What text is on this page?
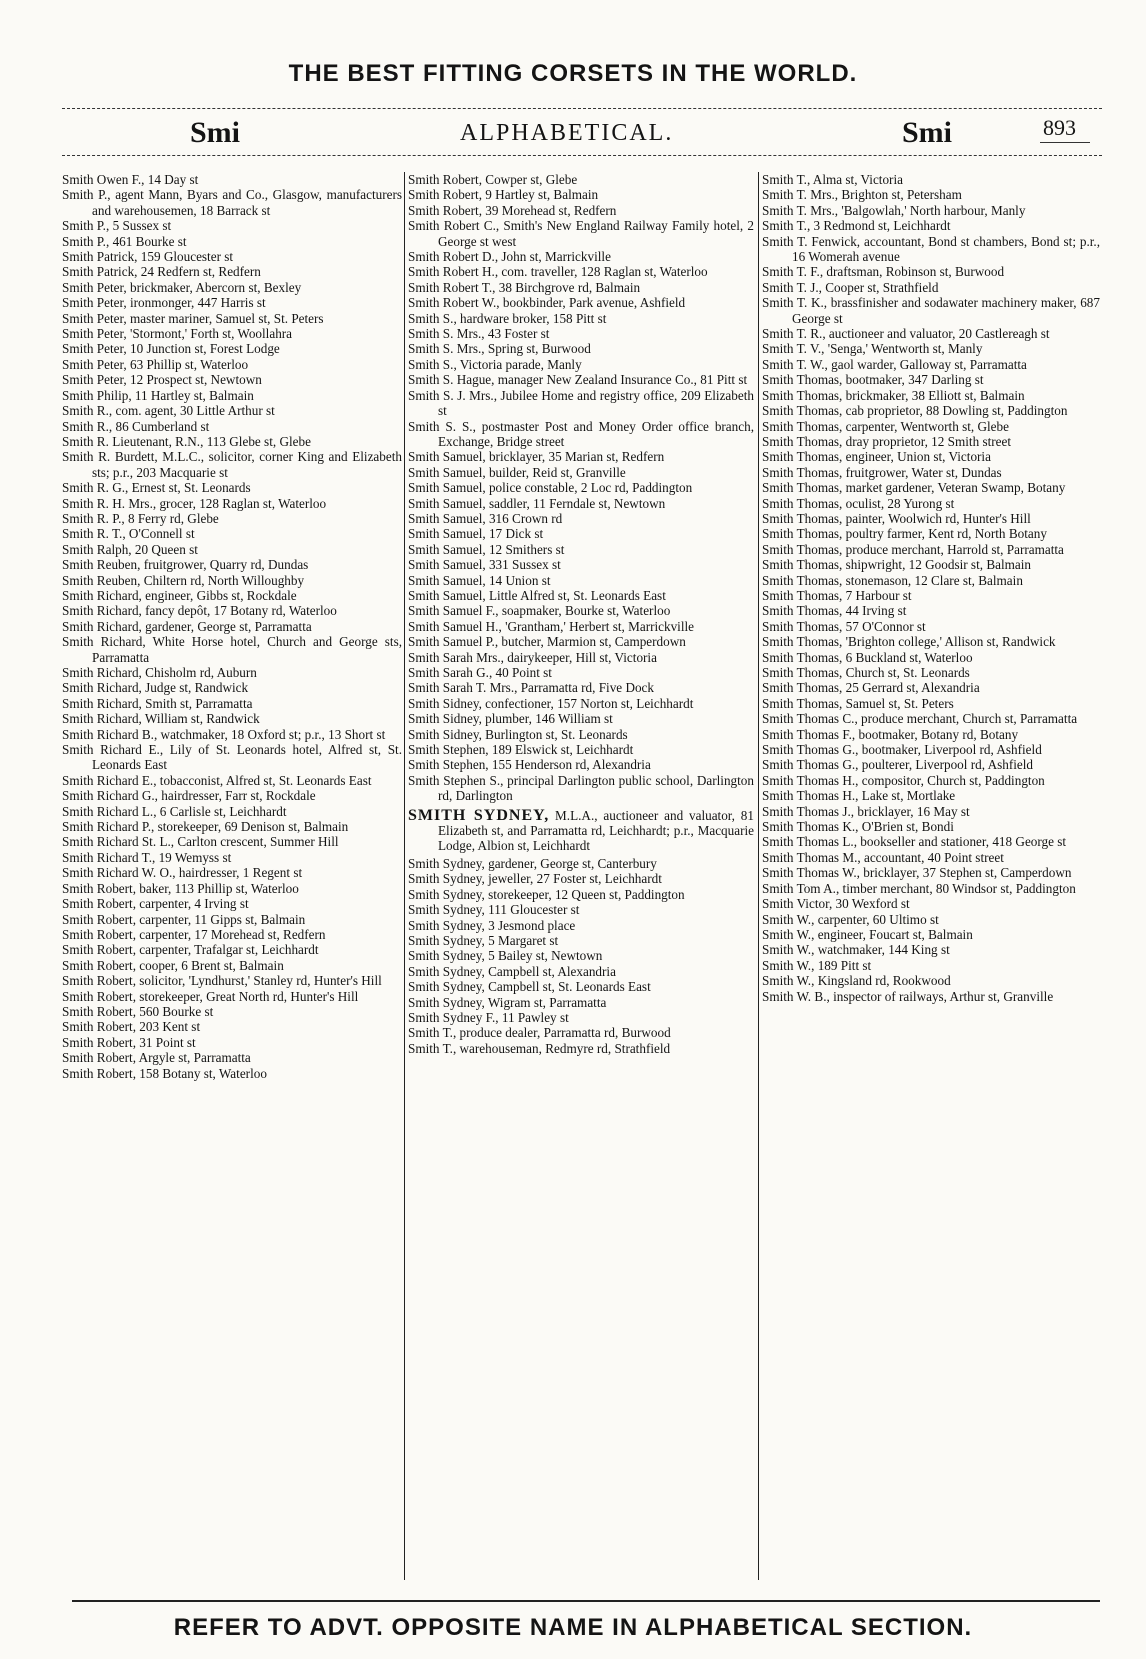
THE BEST FITTING CORSETS IN THE WORLD.
Smi	ALPHABETICAL.	Smi	893

Smith Owen F., 14 Day st

Smith P., agent Mann, Byars and Co., Glasgow, manufacturers and warehousemen, 18 Barrack st

Smith P., 5 Sussex st

Smith P., 461 Bourke st

Smith Patrick, 159 Gloucester st

Smith Patrick, 24 Redfern st, Redfern

Smith Peter, brickmaker, Abercorn st, Bexley

Smith Peter, ironmonger, 447 Harris st

Smith Peter, master mariner, Samuel st, St. Peters

Smith Peter, 'Stormont,' Forth st, Woollahra

Smith Peter, 10 Junction st, Forest Lodge

Smith Peter, 63 Phillip st, Waterloo

Smith Peter, 12 Prospect st, Newtown

Smith Philip, 11 Hartley st, Balmain

Smith R., com. agent, 30 Little Arthur st

Smith R., 86 Cumberland st

Smith R. Lieutenant, R.N., 113 Glebe st, Glebe

Smith R. Burdett, M.L.C., solicitor, corner King and Elizabeth sts; p.r., 203 Macquarie st

Smith R. G., Ernest st, St. Leonards

Smith R. H. Mrs., grocer, 128 Raglan st, Waterloo

Smith R. P., 8 Ferry rd, Glebe

Smith R. T., O'Connell st

Smith Ralph, 20 Queen st

Smith Reuben, fruitgrower, Quarry rd, Dundas

Smith Reuben, Chiltern rd, North Willoughby

Smith Richard, engineer, Gibbs st, Rockdale

Smith Richard, fancy depôt, 17 Botany rd, Waterloo

Smith Richard, gardener, George st, Parramatta

Smith Richard, White Horse hotel, Church and George sts, Parramatta

Smith Richard, Chisholm rd, Auburn

Smith Richard, Judge st, Randwick

Smith Richard, Smith st, Parramatta

Smith Richard, William st, Randwick

Smith Richard B., watchmaker, 18 Oxford st; p.r., 13 Short st

Smith Richard E., Lily of St. Leonards hotel, Alfred st, St. Leonards East

Smith Richard E., tobacconist, Alfred st, St. Leonards East

Smith Richard G., hairdresser, Farr st, Rockdale

Smith Richard L., 6 Carlisle st, Leichhardt

Smith Richard P., storekeeper, 69 Denison st, Balmain

Smith Richard St. L., Carlton crescent, Summer Hill

Smith Richard T., 19 Wemyss st

Smith Richard W. O., hairdresser, 1 Regent st

Smith Robert, baker, 113 Phillip st, Waterloo

Smith Robert, carpenter, 4 Irving st

Smith Robert, carpenter, 11 Gipps st, Balmain

Smith Robert, carpenter, 17 Morehead st, Redfern

Smith Robert, carpenter, Trafalgar st, Leichhardt

Smith Robert, cooper, 6 Brent st, Balmain

Smith Robert, solicitor, 'Lyndhurst,' Stanley rd, Hunter's Hill

Smith Robert, storekeeper, Great North rd, Hunter's Hill

Smith Robert, 560 Bourke st

Smith Robert, 203 Kent st

Smith Robert, 31 Point st

Smith Robert, Argyle st, Parramatta

Smith Robert, 158 Botany st, Waterloo

Smith Robert, Cowper st, Glebe

Smith Robert, 9 Hartley st, Balmain

Smith Robert, 39 Morehead st, Redfern

Smith Robert C., Smith's New England Railway Family hotel, 2 George st west

Smith Robert D., John st, Marrickville

Smith Robert H., com. traveller, 128 Raglan st, Waterloo

Smith Robert T., 38 Birchgrove rd, Balmain

Smith Robert W., bookbinder, Park avenue, Ashfield

Smith S., hardware broker, 158 Pitt st

Smith S. Mrs., 43 Foster st

Smith S. Mrs., Spring st, Burwood

Smith S., Victoria parade, Manly

Smith S. Hague, manager New Zealand Insurance Co., 81 Pitt st

Smith S. J. Mrs., Jubilee Home and registry office, 209 Elizabeth st

Smith S. S., postmaster Post and Money Order office branch, Exchange, Bridge street

Smith Samuel, bricklayer, 35 Marian st, Redfern

Smith Samuel, builder, Reid st, Granville

Smith Samuel, police constable, 2 Loc rd, Paddington

Smith Samuel, saddler, 11 Ferndale st, Newtown

Smith Samuel, 316 Crown rd

Smith Samuel, 17 Dick st

Smith Samuel, 12 Smithers st

Smith Samuel, 331 Sussex st

Smith Samuel, 14 Union st

Smith Samuel, Little Alfred st, St. Leonards East

Smith Samuel F., soapmaker, Bourke st, Waterloo

Smith Samuel H., 'Grantham,' Herbert st, Marrickville

Smith Samuel P., butcher, Marmion st, Camperdown

Smith Sarah Mrs., dairykeeper, Hill st, Victoria

Smith Sarah G., 40 Point st

Smith Sarah T. Mrs., Parramatta rd, Five Dock

Smith Sidney, confectioner, 157 Norton st, Leichhardt

Smith Sidney, plumber, 146 William st

Smith Sidney, Burlington st, St. Leonards

Smith Stephen, 189 Elswick st, Leichhardt

Smith Stephen, 155 Henderson rd, Alexandria

Smith Stephen S., principal Darlington public school, Darlington rd, Darlington

SMITH SYDNEY, M.L.A., auctioneer and valuator, 81 Elizabeth st, and Parramatta rd, Leichhardt; p.r., Macquarie Lodge, Albion st, Leichhardt

Smith Sydney, gardener, George st, Canterbury

Smith Sydney, jeweller, 27 Foster st, Leichhardt

Smith Sydney, storekeeper, 12 Queen st, Paddington

Smith Sydney, 111 Gloucester st

Smith Sydney, 3 Jesmond place

Smith Sydney, 5 Margaret st

Smith Sydney, 5 Bailey st, Newtown

Smith Sydney, Campbell st, Alexandria

Smith Sydney, Campbell st, St. Leonards East

Smith Sydney, Wigram st, Parramatta

Smith Sydney F., 11 Pawley st

Smith T., produce dealer, Parramatta rd, Burwood

Smith T., warehouseman, Redmyre rd, Strathfield

Smith T., Alma st, Victoria

Smith T. Mrs., Brighton st, Petersham

Smith T. Mrs., 'Balgowlah,' North harbour, Manly

Smith T., 3 Redmond st, Leichhardt

Smith T. Fenwick, accountant, Bond st chambers, Bond st; p.r., 16 Womerah avenue

Smith T. F., draftsman, Robinson st, Burwood

Smith T. J., Cooper st, Strathfield

Smith T. K., brassfinisher and sodawater machinery maker, 687 George st

Smith T. R., auctioneer and valuator, 20 Castlereagh st

Smith T. V., 'Senga,' Wentworth st, Manly

Smith T. W., gaol warder, Galloway st, Parramatta

Smith Thomas, bootmaker, 347 Darling st

Smith Thomas, brickmaker, 38 Elliott st, Balmain

Smith Thomas, cab proprietor, 88 Dowling st, Paddington

Smith Thomas, carpenter, Wentworth st, Glebe

Smith Thomas, dray proprietor, 12 Smith street

Smith Thomas, engineer, Union st, Victoria

Smith Thomas, fruitgrower, Water st, Dundas

Smith Thomas, market gardener, Veteran Swamp, Botany

Smith Thomas, oculist, 28 Yurong st

Smith Thomas, painter, Woolwich rd, Hunter's Hill

Smith Thomas, poultry farmer, Kent rd, North Botany

Smith Thomas, produce merchant, Harrold st, Parramatta

Smith Thomas, shipwright, 12 Goodsir st, Balmain

Smith Thomas, stonemason, 12 Clare st, Balmain

Smith Thomas, 7 Harbour st

Smith Thomas, 44 Irving st

Smith Thomas, 57 O'Connor st

Smith Thomas, 'Brighton college,' Allison st, Randwick

Smith Thomas, 6 Buckland st, Waterloo

Smith Thomas, Church st, St. Leonards

Smith Thomas, 25 Gerrard st, Alexandria

Smith Thomas, Samuel st, St. Peters

Smith Thomas C., produce merchant, Church st, Parramatta

Smith Thomas F., bootmaker, Botany rd, Botany

Smith Thomas G., bootmaker, Liverpool rd, Ashfield

Smith Thomas G., poulterer, Liverpool rd, Ashfield

Smith Thomas H., compositor, Church st, Paddington

Smith Thomas H., Lake st, Mortlake

Smith Thomas J., bricklayer, 16 May st

Smith Thomas K., O'Brien st, Bondi

Smith Thomas L., bookseller and stationer, 418 George st

Smith Thomas M., accountant, 40 Point street

Smith Thomas W., bricklayer, 37 Stephen st, Camperdown

Smith Tom A., timber merchant, 80 Windsor st, Paddington

Smith Victor, 30 Wexford st

Smith W., carpenter, 60 Ultimo st

Smith W., engineer, Foucart st, Balmain

Smith W., watchmaker, 144 King st

Smith W., 189 Pitt st

Smith W., Kingsland rd, Rookwood

Smith W. B., inspector of railways, Arthur st, Granville

REFER TO ADVT. OPPOSITE NAME IN ALPHABETICAL SECTION.
